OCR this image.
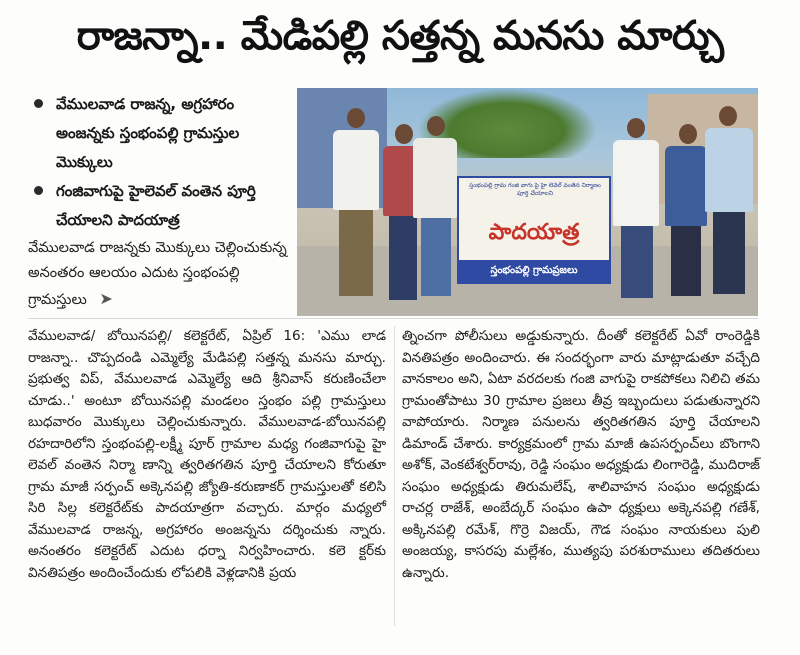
రాజన్నా.. మేడిపల్లి సత్తన్న మనసు మార్చు
వేములవాడ రాజన్న, అగ్రహారం అంజన్నకు స్తంభంపల్లి గ్రామస్తుల మొక్కులు
గంజివాగుపై హైలెవల్ వంతెన పూర్తి చేయాలని పాదయాత్ర
వేములవాడ రాజన్నకు మొక్కులు చెల్లించుకున్న అనంతరం ఆలయం ఎదుట స్తంభంపల్లి గ్రామస్తులు ➤
స్తంభంపల్లి గ్రామ గంజి వాగు పై హై లెవెల్ వంతెన నిర్మాణం పూర్తి చేయాలని
పాదయాత్ర
స్తంభంపల్లి గ్రామప్రజలు

వేములవాడ/ బోయినపల్లి/ కలెక్టరేట్, ఏప్రిల్ 16: 'ఎము లాడ రాజన్నా.. చొప్పదండి ఎమ్మెల్యే మేడిపల్లి సత్తన్న మనసు మార్చు. ప్రభుత్వ విప్, వేములవాడ ఎమ్మెల్యే ఆది శ్రీనివాస్ కరుణించేలా చూడు..' అంటూ బోయినపల్లి మండలం స్తంభం పల్లి గ్రామస్తులు బుధవారం మొక్కులు చెల్లించుకున్నారు. వేములవాడ-బోయినపల్లి రహదారిలోని స్తంభంపల్లి-లక్ష్మీ పూర్ గ్రామాల మధ్య గంజివాగుపై హై లెవల్ వంతెన నిర్మా ణాన్ని త్వరితగతిన పూర్తి చేయాలని కోరుతూ గ్రామ మాజీ సర్పంచ్ అక్కెనపల్లి జ్యోతి-కరుణాకర్ గ్రామస్తులతో కలిసి సిరి సిల్ల కలెక్టరేట్‌కు పాదయాత్రగా వచ్చారు. మార్గం మధ్యలో వేములవాడ రాజన్న, అగ్రహారం అంజన్నను దర్శించుకు న్నారు. అనంతరం కలెక్టరేట్ ఎదుట ధర్నా నిర్వహించారు. కలె క్టర్‌కు వినతిపత్రం అందించేందుకు లోపలికి వెళ్లడానికి ప్రయ

త్నించగా పోలీసులు అడ్డుకున్నారు. దీంతో కలెక్టరేట్ ఏవో రాంరెడ్డికి వినతిపత్రం అందించారు. ఈ సందర్భంగా వారు మాట్లాడుతూ వచ్చేది వానకాలం అని, ఏటా వరదలకు గంజి వాగుపై రాకపోకలు నిలిచి తమ గ్రామంతోపాటు 30 గ్రామాల ప్రజలు తీవ్ర ఇబ్బందులు పడుతున్నారని వాపోయారు. నిర్మాణ పనులను త్వరితగతిన పూర్తి చేయాలని డిమాండ్ చేశారు. కార్యక్రమంలో గ్రామ మాజీ ఉపసర్పంచ్‌లు బొంగాని అశోక్, వెంకటేశ్వర్‌రావు, రెడ్డి సంఘం అధ్యక్షుడు లింగారెడ్డి, ముదిరాజ్ సంఘం అధ్యక్షుడు తిరుమలేష్, శాలివాహన సంఘం అధ్యక్షుడు రాచర్ల రాజేశ్, అంబేద్కర్ సంఘం ఉపా ధ్యక్షులు అక్కెనపల్లి గణేశ్, అక్కినపల్లి రమేశ్, గొర్రె విజయ్, గౌడ సంఘం నాయకులు పులి అంజయ్య, కాసరపు మల్లేశం, ముత్యపు పరశురాములు తదితరులు ఉన్నారు.
